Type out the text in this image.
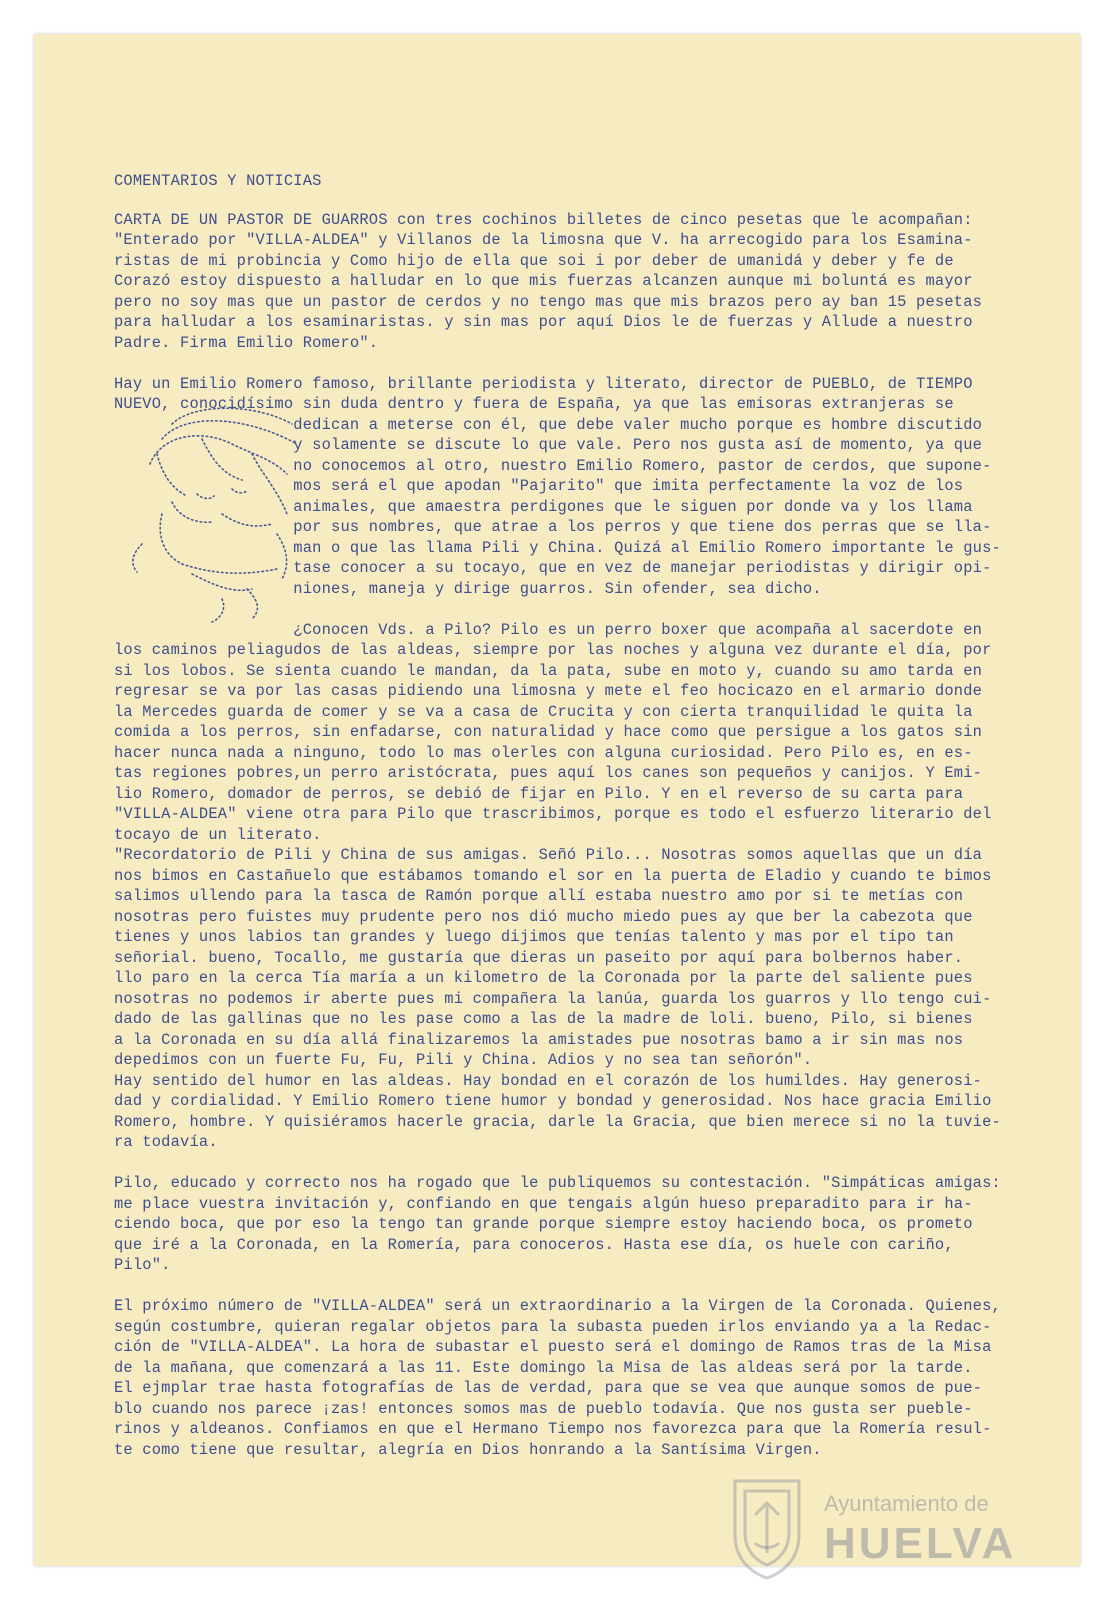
COMENTARIOS Y NOTICIAS

CARTA DE UN PASTOR DE GUARROS con tres cochinos billetes de cinco pesetas que le acompañan:
"Enterado por "VILLA-ALDEA" y Villanos de la limosna que V. ha arrecogido para los Esamina-
ristas de mi probincia y Como hijo de ella que soi i por deber de umanidá y deber y fe de
Corazó estoy dispuesto a halludar en lo que mis fuerzas alcanzen aunque mi boluntá es mayor
pero no soy mas que un pastor de cerdos y no tengo mas que mis brazos pero ay ban 15 pesetas
para halludar a los esaminaristas. y sin mas por aquí Dios le de fuerzas y Allude a nuestro
Padre. Firma Emilio Romero".

Hay un Emilio Romero famoso, brillante periodista y literato, director de PUEBLO, de TIEMPO
NUEVO, conocidísimo sin duda dentro y fuera de España, ya que las emisoras extranjeras se
dedican a meterse con él, que debe valer mucho porque es hombre discutido
y solamente se discute lo que vale. Pero nos gusta así de momento, ya que
no conocemos al otro, nuestro Emilio Romero, pastor de cerdos, que supone-
mos será el que apodan "Pajarito" que imita perfectamente la voz de los
animales, que amaestra perdigones que le siguen por donde va y los llama
por sus nombres, que atrae a los perros y que tiene dos perras que se lla-
man o que las llama Pili y China. Quizá al Emilio Romero importante le gus-
tase conocer a su tocayo, que en vez de manejar periodistas y dirigir opi-
niones, maneja y dirige guarros. Sin ofender, sea dicho.

¿Conocen Vds. a Pilo? Pilo es un perro boxer que acompaña al sacerdote en
los caminos peliagudos de las aldeas, siempre por las noches y alguna vez durante el día, por
si los lobos. Se sienta cuando le mandan, da la pata, sube en moto y, cuando su amo tarda en
regresar se va por las casas pidiendo una limosna y mete el feo hocicazo en el armario donde
la Mercedes guarda de comer y se va a casa de Crucita y con cierta tranquilidad le quita la
comida a los perros, sin enfadarse, con naturalidad y hace como que persigue a los gatos sin
hacer nunca nada a ninguno, todo lo mas olerles con alguna curiosidad. Pero Pilo es, en es-
tas regiones pobres,un perro aristócrata, pues aquí los canes son pequeños y canijos. Y Emi-
lio Romero, domador de perros, se debió de fijar en Pilo. Y en el reverso de su carta para
"VILLA-ALDEA" viene otra para Pilo que trascribimos, porque es todo el esfuerzo literario del
tocayo de un literato.
"Recordatorio de Pili y China de sus amigas. Señó Pilo... Nosotras somos aquellas que un día
nos bimos en Castañuelo que estábamos tomando el sor en la puerta de Eladio y cuando te bimos
salimos ullendo para la tasca de Ramón porque allí estaba nuestro amo por si te metías con
nosotras pero fuistes muy prudente pero nos dió mucho miedo pues ay que ber la cabezota que
tienes y unos labios tan grandes y luego dijimos que tenías talento y mas por el tipo tan
señorial. bueno, Tocallo, me gustaría que dieras un paseito por aquí para bolbernos haber.
llo paro en la cerca Tía maría a un kilometro de la Coronada por la parte del saliente pues
nosotras no podemos ir aberte pues mi compañera la lanúa, guarda los guarros y llo tengo cui-
dado de las gallinas que no les pase como a las de la madre de loli. bueno, Pilo, si bienes
a la Coronada en su día allá finalizaremos la amistades pue nosotras bamo a ir sin mas nos
depedimos con un fuerte Fu, Fu, Pili y China. Adios y no sea tan señorón".
Hay sentido del humor en las aldeas. Hay bondad en el corazón de los humildes. Hay generosi-
dad y cordialidad. Y Emilio Romero tiene humor y bondad y generosidad. Nos hace gracia Emilio
Romero, hombre. Y quisiéramos hacerle gracia, darle la Gracia, que bien merece si no la tuvie-
ra todavía.

Pilo, educado y correcto nos ha rogado que le publiquemos su contestación. "Simpáticas amigas:
me place vuestra invitación y, confiando en que tengais algún hueso preparadito para ir ha-
ciendo boca, que por eso la tengo tan grande porque siempre estoy haciendo boca, os prometo
que iré a la Coronada, en la Romería, para conoceros. Hasta ese día, os huele con cariño,
Pilo".

El próximo número de "VILLA-ALDEA" será un extraordinario a la Virgen de la Coronada. Quienes,
según costumbre, quieran regalar objetos para la subasta pueden irlos enviando ya a la Redac-
ción de "VILLA-ALDEA". La hora de subastar el puesto será el domingo de Ramos tras de la Misa
de la mañana, que comenzará a las 11. Este domingo la Misa de las aldeas será por la tarde.
El ejmplar trae hasta fotografías de las de verdad, para que se vea que aunque somos de pue-
blo cuando nos parece ¡zas! entonces somos mas de pueblo todavía. Que nos gusta ser pueble-
rinos y aldeanos. Confiamos en que el Hermano Tiempo nos favorezca para que la Romería resul-
te como tiene que resultar, alegría en Dios honrando a la Santísima Virgen.

Ayuntamiento de
HUELVA
